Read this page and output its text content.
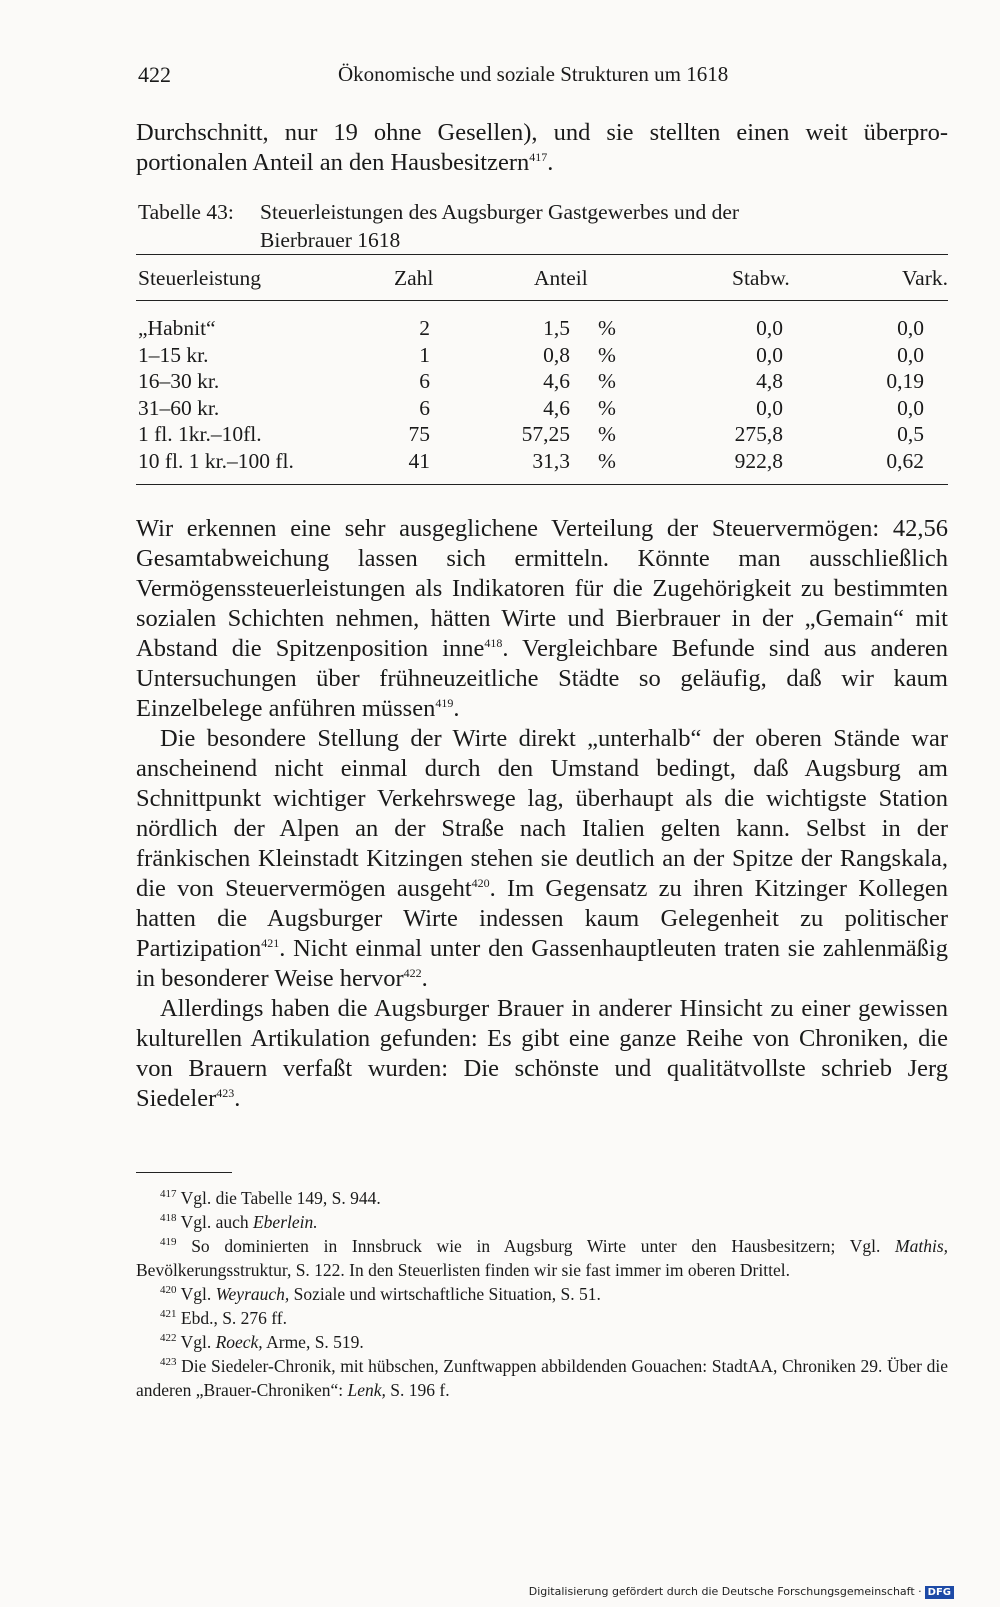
422	Ökonomische und soziale Strukturen um 1618
Durchschnitt, nur 19 ohne Gesellen), und sie stellten einen weit überpro-
portionalen Anteil an den Hausbesitzern$^{417}$.
Tabelle 43: Steuerleistungen des Augsburger Gastgewerbes und der
Bierbrauer 1618
Steuerleistung	Zahl	Anteil	Stabw.	Vark.
„Habnit“	2	1,5 %	0,0	0,0
1–15 kr.	1	0,8 %	0,0	0,0
16–30 kr.	6	4,6 %	4,8	0,19
31–60 kr.	6	4,6 %	0,0	0,0
1 fl. 1kr.–10fl.	75	57,25 %	275,8	0,5
10 fl. 1 kr.–100 fl.	41	31,3 %	922,8	0,62

Wir erkennen eine sehr ausgeglichene Verteilung der Steuervermögen: 42,56 Gesamtabweichung lassen sich ermitteln. Könnte man ausschließlich Vermögenssteuerleistungen als Indikatoren für die Zugehörigkeit zu bestimmten sozialen Schichten nehmen, hätten Wirte und Bierbrauer in der „Gemain“ mit Abstand die Spitzenposition inne$^{418}$. Vergleichbare Befunde sind aus anderen Untersuchungen über frühneuzeitliche Städte so geläufig, daß wir kaum Einzelbelege anführen müssen$^{419}$.

Die besondere Stellung der Wirte direkt „unterhalb“ der oberen Stände war anscheinend nicht einmal durch den Umstand bedingt, daß Augsburg am Schnittpunkt wichtiger Verkehrswege lag, überhaupt als die wichtigste Station nördlich der Alpen an der Straße nach Italien gelten kann. Selbst in der fränkischen Kleinstadt Kitzingen stehen sie deutlich an der Spitze der Rangskala, die von Steuervermögen ausgeht$^{420}$. Im Gegensatz zu ihren Kitzinger Kollegen hatten die Augsburger Wirte indessen kaum Gelegenheit zu politischer Partizipation$^{421}$. Nicht einmal unter den Gassenhauptleuten traten sie zahlenmäßig in besonderer Weise hervor$^{422}$.

Allerdings haben die Augsburger Brauer in anderer Hinsicht zu einer gewissen kulturellen Artikulation gefunden: Es gibt eine ganze Reihe von Chroniken, die von Brauern verfaßt wurden: Die schönste und qualitätvollste schrieb Jerg Siedeler$^{423}$.

$^{417}$ Vgl. die Tabelle 149, S. 944.

$^{418}$ Vgl. auch Eberlein.

$^{419}$ So dominierten in Innsbruck wie in Augsburg Wirte unter den Hausbesitzern; Vgl. Mathis, Bevölkerungsstruktur, S. 122. In den Steuerlisten finden wir sie fast immer im oberen Drittel.

$^{420}$ Vgl. Weyrauch, Soziale und wirtschaftliche Situation, S. 51.

$^{421}$ Ebd., S. 276 ff.

$^{422}$ Vgl. Roeck, Arme, S. 519.

$^{423}$ Die Siedeler-Chronik, mit hübschen, Zunftwappen abbildenden Gouachen: StadtAA, Chroniken 29. Über die anderen „Brauer-Chroniken“: Lenk, S. 196 f.

Digitalisierung gefördert durch die Deutsche Forschungsgemeinschaft · DFG
